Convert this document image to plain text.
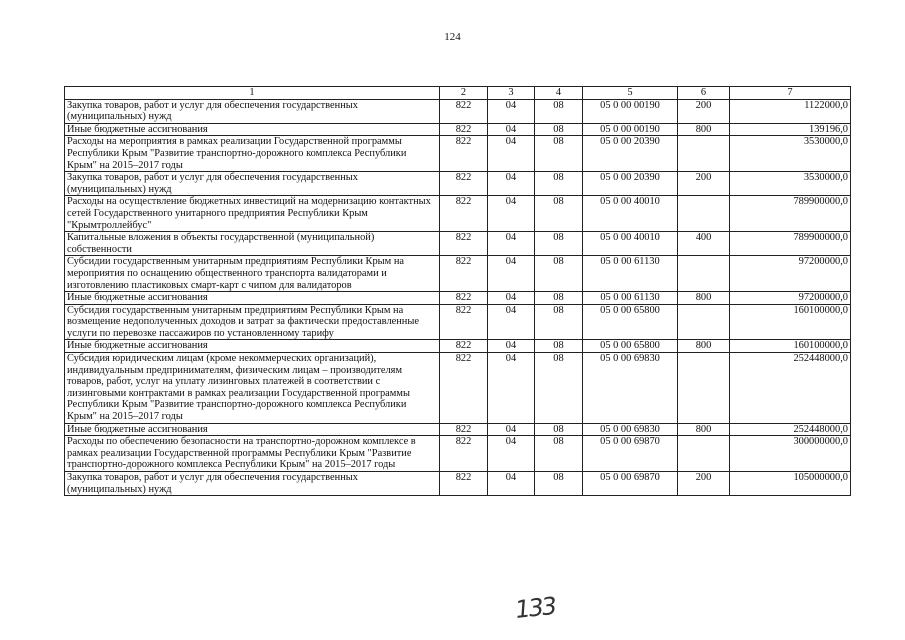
124
1	2	3	4	5	6	7
Закупка товаров, работ и услуг для обеспечения государственных (муниципальных) нужд	822	04	08	05 0 00 00190	200	1122000,0
Иные бюджетные ассигнования	822	04	08	05 0 00 00190	800	139196,0
Расходы на мероприятия в рамках реализации Государственной программы Республики Крым "Развитие транспортно-дорожного комплекса Республики Крым" на 2015–2017 годы	822	04	08	05 0 00 20390		3530000,0
Закупка товаров, работ и услуг для обеспечения государственных (муниципальных) нужд	822	04	08	05 0 00 20390	200	3530000,0
Расходы на осуществление бюджетных инвестиций на модернизацию контактных сетей Государственного унитарного предприятия Республики Крым "Крымтроллейбус"	822	04	08	05 0 00 40010		789900000,0
Капитальные вложения в объекты государственной (муниципальной) собственности	822	04	08	05 0 00 40010	400	789900000,0
Субсидии государственным унитарным предприятиям Республики Крым на мероприятия по оснащению общественного транспорта валидаторами и изготовлению пластиковых смарт-карт с чипом для валидаторов	822	04	08	05 0 00 61130		97200000,0
Иные бюджетные ассигнования	822	04	08	05 0 00 61130	800	97200000,0
Субсидия государственным унитарным предприятиям Республики Крым на возмещение недополученных доходов и затрат за фактически предоставленные услуги по перевозке пассажиров по установленному тарифу	822	04	08	05 0 00 65800		160100000,0
Иные бюджетные ассигнования	822	04	08	05 0 00 65800	800	160100000,0
Субсидия юридическим лицам (кроме некоммерческих организаций), индивидуальным предпринимателям, физическим лицам – производителям товаров, работ, услуг на уплату лизинговых платежей в соответствии с лизинговыми контрактами в рамках реализации Государственной программы Республики Крым "Развитие транспортно-дорожного комплекса Республики Крым" на 2015–2017 годы	822	04	08	05 0 00 69830		252448000,0
Иные бюджетные ассигнования	822	04	08	05 0 00 69830	800	252448000,0
Расходы по обеспечению безопасности на транспортно-дорожном комплексе в рамках реализации Государственной программы Республики Крым "Развитие транспортно-дорожного комплекса Республики Крым" на 2015–2017 годы	822	04	08	05 0 00 69870		300000000,0
Закупка товаров, работ и услуг для обеспечения государственных (муниципальных) нужд	822	04	08	05 0 00 69870	200	105000000,0
133
